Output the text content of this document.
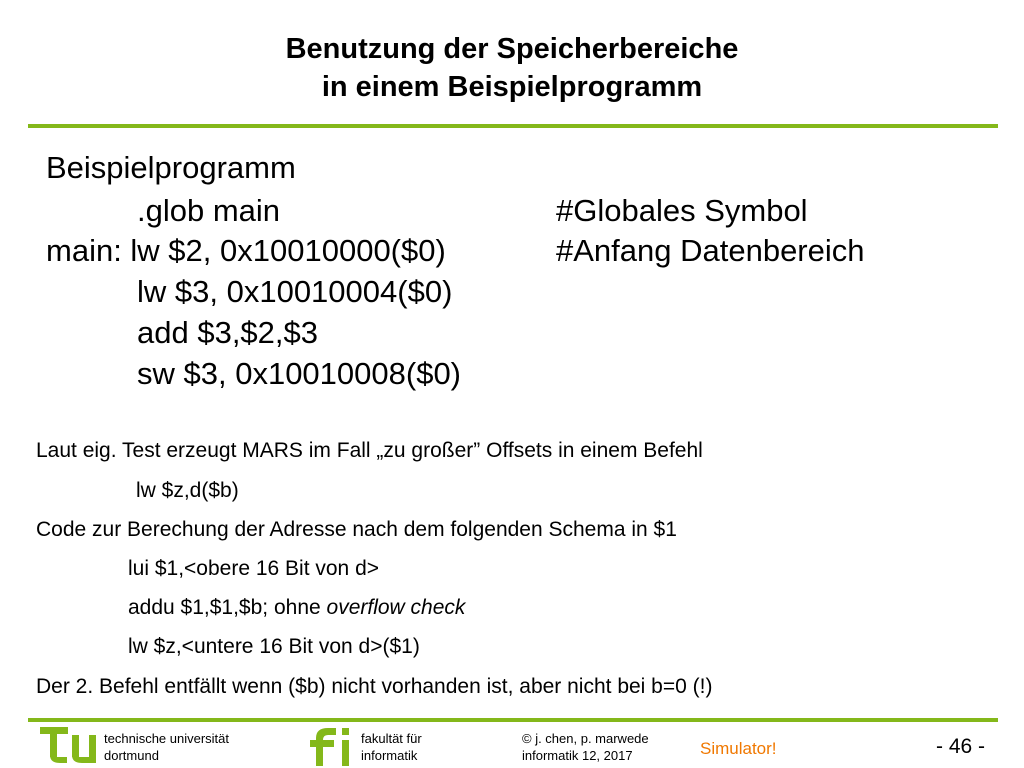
Benutzung der Speicherbereiche
in einem Beispielprogramm
Beispielprogramm
.glob main	#Globales Symbol
main: lw $2, 0x10010000($0)	#Anfang Datenbereich
lw $3, 0x10010004($0)
add $3,$2,$3
sw $3, 0x10010008($0)
Laut eig. Test erzeugt MARS im Fall „zu großer” Offsets in einem Befehl
lw $z,d($b)
Code zur Berechung der Adresse nach dem folgenden Schema in $1
lui $1,<obere 16 Bit von d>
addu $1,$1,$b; ohne overflow check
lw $z,<untere 16 Bit von d>($1)
Der 2. Befehl entfällt wenn ($b) nicht vorhanden ist, aber nicht bei b=0 (!)
technische universität
dortmund
fakultät für
informatik
© j. chen, p. marwede
informatik 12, 2017	Simulator!	- 46 -
